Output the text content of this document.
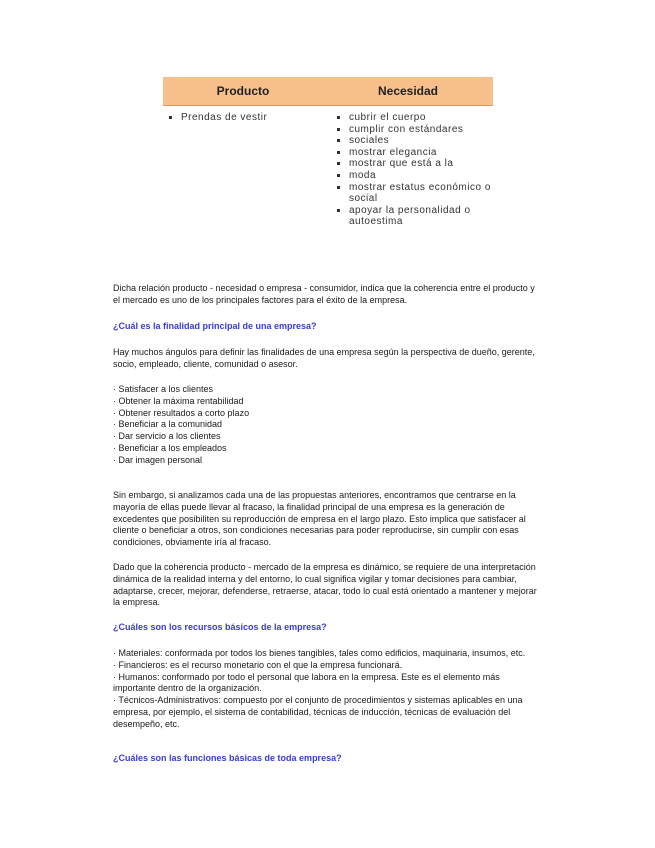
Producto	Necesidad
▪ Prendas de vestir
▪	cubrir el cuerpo
▪ cumplir con estándares
▪ sociales
▪ mostrar elegancia
▪ mostrar que está a la
▪ moda
▪ mostrar estatus económico o social
▪ apoyar la personalidad o autoestima
Dicha relación producto - necesidad o empresa - consumidor, indica que la coherencia entre el producto y el mercado es uno de los principales factores para el éxito de la empresa.
¿Cuál es la finalidad principal de una empresa?
Hay muchos ángulos para definir las finalidades de una empresa según la perspectiva de dueño, gerente, socio, empleado, cliente, comunidad o asesor.
· Satisfacer a los clientes
· Obtener la máxima rentabilidad
· Obtener resultados a corto plazo
· Beneficiar a la comunidad
· Dar servicio a los clientes
· Beneficiar a los empleados
· Dar imagen personal
Sin embargo, si analizamos cada una de las propuestas anteriores, encontramos que centrarse en la mayoría de ellas puede llevar al fracaso, la finalidad principal de una empresa es la generación de excedentes que posibiliten su reproducción de empresa en el largo plazo. Esto implica que satisfacer al cliente o beneficiar a otros, son condiciones necesarias para poder reproducirse, sin cumplir con esas condiciones, obviamente iría al fracaso.
Dado que la coherencia producto - mercado de la empresa es dinámico, se requiere de una interpretación dinámica de la realidad interna y del entorno, lo cual significa vigilar y tomar decisiones para cambiar, adaptarse, crecer, mejorar, defenderse, retraerse, atacar, todo lo cual está orientado a mantener y mejorar la empresa.
¿Cuáles son los recursos básicos de la empresa?
· Materiales: conformada por todos los bienes tangibles, tales como edificios, maquinaria, insumos, etc.
· Financieros: es el recurso monetario con el que la empresa funcionará.
· Humanos: conformado por todo el personal que labora en la empresa. Este es el elemento más importante dentro de la organización.
· Técnicos-Administrativos: compuesto por el conjunto de procedimientos y sistemas aplicables en una empresa, por ejemplo, el sistema de contabilidad, técnicas de inducción, técnicas de evaluación del desempeño, etc.
¿Cuáles son las funciones básicas de toda empresa?
